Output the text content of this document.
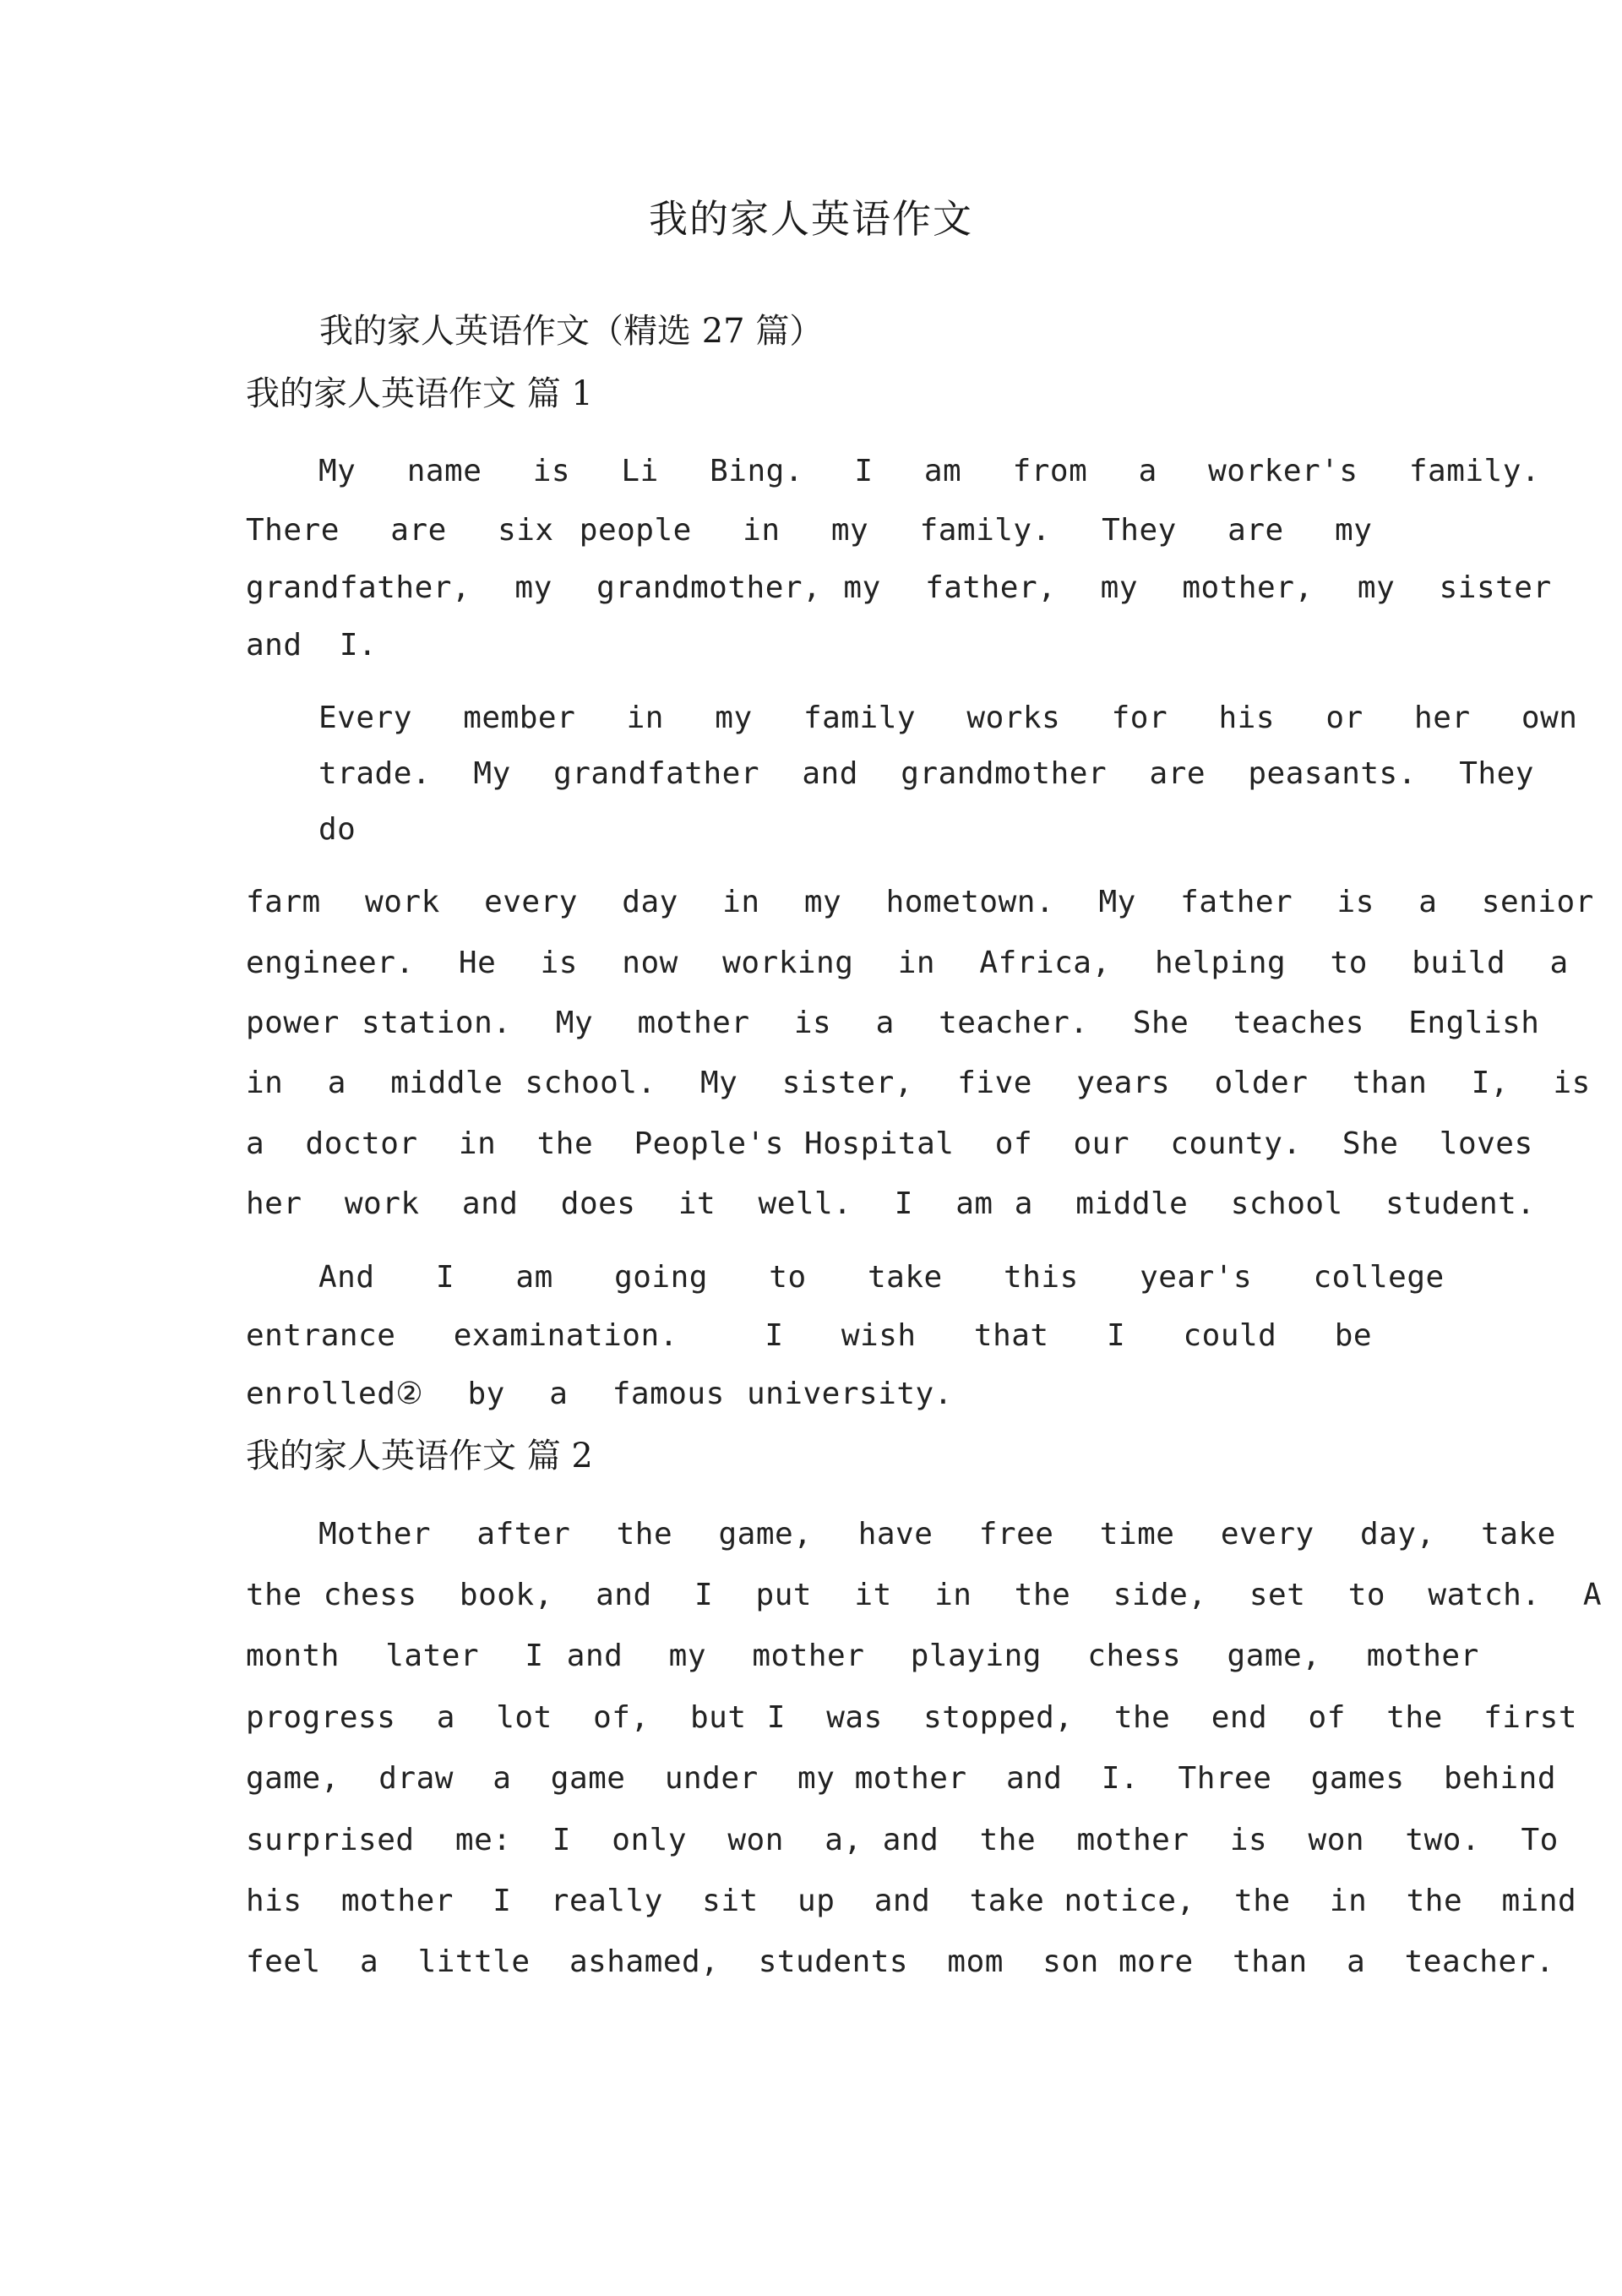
我的家人英语作文
我的家人英语作文（精选 27 篇）
我的家人英语作文 篇 1
My  name  is  Li  Bing.  I  am  from  a  worker's  family.
There  are  six people  in  my  family.  They  are  my
grandfather,  my  grandmother, my  father,  my  mother,  my  sister
and  I.
Every  member  in  my  family  works  for  his  or  her  own
trade.  My  grandfather  and  grandmother  are  peasants.  They
do
farm  work  every  day  in  my  hometown.  My  father  is  a  senior
engineer.  He  is  now  working  in  Africa,  helping  to  build  a
power station.  My  mother  is  a  teacher.  She  teaches  English
in  a  middle school.  My  sister,  five  years  older  than  I,  is
a  doctor  in  the  People's Hospital  of  our  county.  She  loves
her  work  and  does  it  well.  I  am a  middle  school  student.
And  I  am  going  to  take  this  year's  college
entrance  examination.   I  wish  that  I  could  be
enrolled②  by  a  famous university.
我的家人英语作文 篇 2
Mother  after  the  game,  have  free  time  every  day,  take
the chess  book,  and  I  put  it  in  the  side,  set  to  watch.  A
month  later  I and  my  mother  playing  chess  game,  mother
progress  a  lot  of,  but I  was  stopped,  the  end  of  the  first
game,  draw  a  game  under  my mother  and  I.  Three  games  behind
surprised  me:  I  only  won  a, and  the  mother  is  won  two.  To
his  mother  I  really  sit  up  and  take notice,  the  in  the  mind
feel  a  little  ashamed,  students  mom  son more  than  a  teacher.
